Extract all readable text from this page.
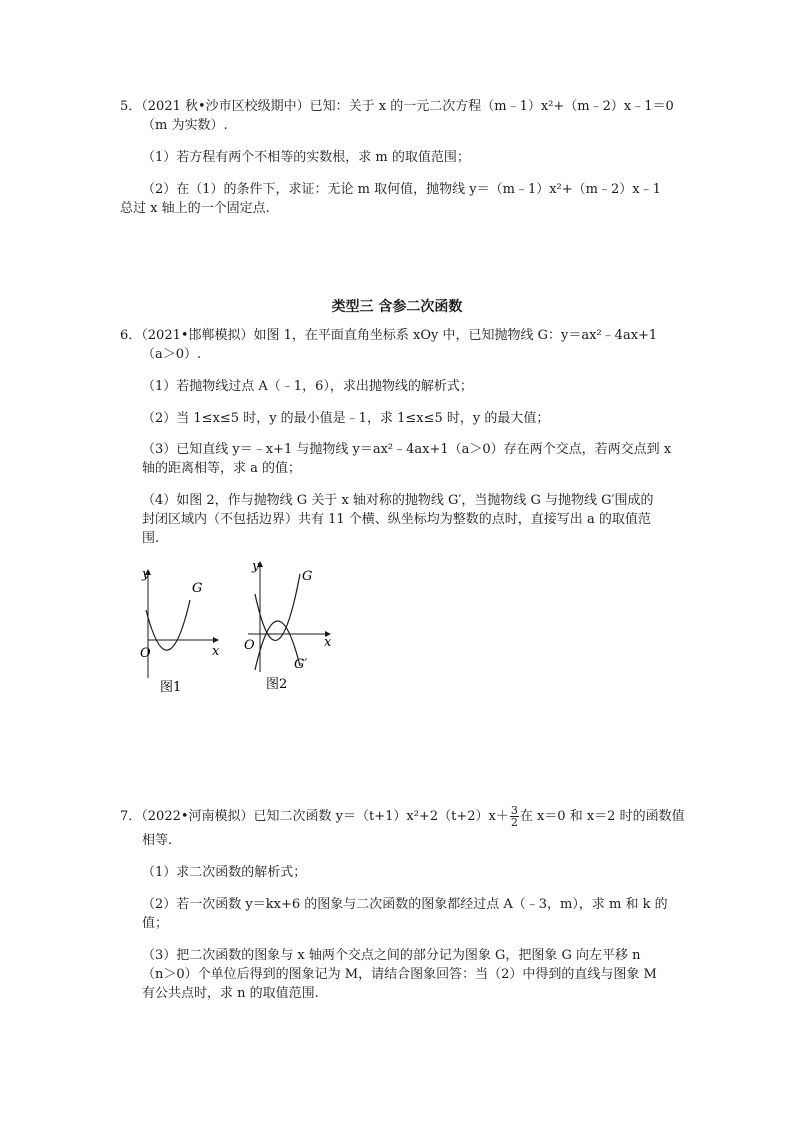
5．（2021 秋•沙市区校级期中）已知：关于 x 的一元二次方程（m﹣1）x²+（m﹣2）x﹣1＝0
（m 为实数）.
（1）若方程有两个不相等的实数根，求 m 的取值范围；
（2）在（1）的条件下，求证：无论 m 取何值，抛物线 y＝（m﹣1）x²+（m﹣2）x﹣1
总过 x 轴上的一个固定点.
类型三 含参二次函数
6．（2021•邯郸模拟）如图 1，在平面直角坐标系 xOy 中，已知抛物线 G：y＝ax²﹣4ax+1
（a＞0）.
（1）若抛物线过点 A（﹣1，6），求出抛物线的解析式；
（2）当 1≤x≤5 时，y 的最小值是﹣1，求 1≤x≤5 时，y 的最大值；
（3）已知直线 y＝﹣x+1 与抛物线 y＝ax²﹣4ax+1（a＞0）存在两个交点，若两交点到 x
轴的距离相等，求 a 的值；
（4）如图 2，作与抛物线 G 关于 x 轴对称的抛物线 G′，当抛物线 G 与抛物线 G′围成的
封闭区域内（不包括边界）共有 11 个横、纵坐标均为整数的点时，直接写出 a 的取值范
围.
y
x
O
G
图1
y
x
O
G
G′
图2
7．（2022•河南模拟）已知二次函数 $y=(t+1)x^2+2(t+2)x+ \frac{3}{2}$ 在 x＝0 和 x＝2 时的函数值
相等.
（1）求二次函数的解析式；
（2）若一次函数 y＝kx+6 的图象与二次函数的图象都经过点 A（﹣3，m），求 m 和 k 的
值；
（3）把二次函数的图象与 x 轴两个交点之间的部分记为图象 G，把图象 G 向左平移 n
（n＞0）个单位后得到的图象记为 M，请结合图象回答：当（2）中得到的直线与图象 M
有公共点时，求 n 的取值范围.
